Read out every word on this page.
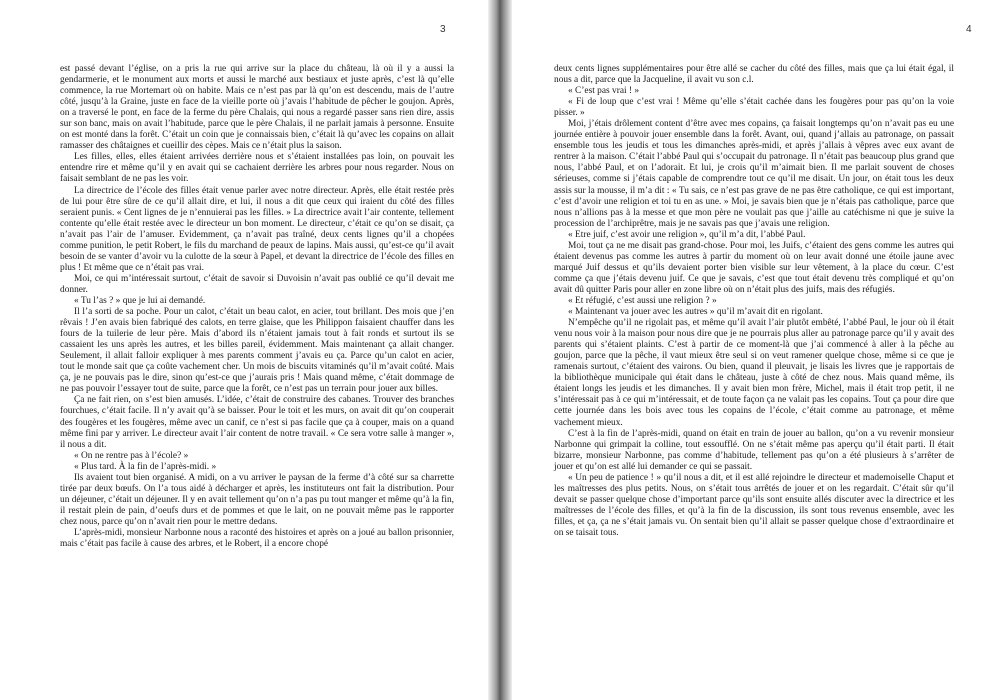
3

est passé devant l’église, on a pris la rue qui arrive sur la place du château, là où il y a aussi la gendarmerie, et le monument aux morts et aussi le marché aux bestiaux et juste après, c’est là qu’elle commence, la rue Mortemart où on habite. Mais ce n’est pas par là qu’on est descendu, mais de l’autre côté, jusqu’à la Graine, juste en face de la vieille porte où j’avais l’habitude de pêcher le goujon. Après, on a traversé le pont, en face de la ferme du père Chalais, qui nous a regardé passer sans rien dire, assis sur son banc, mais on avait l’habitude, parce que le père Chalais, il ne parlait jamais à personne. Ensuite on est monté dans la forêt. C’était un coin que je connaissais bien, c’était là qu’avec les copains on allait ramasser des châtaignes et cueillir des cèpes. Mais ce n’était plus la saison.

Les filles, elles, elles étaient arrivées derrière nous et s’étaient installées pas loin, on pouvait les entendre rire et même qu’il y en avait qui se cachaient derrière les arbres pour nous regarder. Nous on faisait semblant de ne pas les voir.

La directrice de l’école des filles était venue parler avec notre directeur. Après, elle était restée près de lui pour être sûre de ce qu’il allait dire, et lui, il nous a dit que ceux qui iraient du côté des filles seraient punis. « Cent lignes de je n’ennuierai pas les filles. » La directrice avait l’air contente, tellement contente qu’elle était restée avec le directeur un bon moment. Le directeur, c’était ce qu’on se disait, ça n’avait pas l’air de l’amuser. Evidemment, ça n’avait pas traîné, deux cents lignes qu’il a chopées comme punition, le petit Robert, le fils du marchand de peaux de lapins. Mais aussi, qu’est-ce qu’il avait besoin de se vanter d’avoir vu la culotte de la sœur à Papel, et devant la directrice de l’école des filles en plus ! Et même que ce n’était pas vrai.

Moi, ce qui m’intéressait surtout, c’était de savoir si Duvoisin n’avait pas oublié ce qu’il devait me donner.

« Tu l’as ? » que je lui ai demandé.

Il l’a sorti de sa poche. Pour un calot, c’était un beau calot, en acier, tout brillant. Des mois que j’en rêvais ! J’en avais bien fabriqué des calots, en terre glaise, que les Philippon faisaient chauffer dans les fours de la tuilerie de leur père. Mais d’abord ils n’étaient jamais tout à fait ronds et surtout ils se cassaient les uns après les autres, et les billes pareil, évidemment. Mais maintenant ça allait changer. Seulement, il allait falloir expliquer à mes parents comment j’avais eu ça. Parce qu’un calot en acier, tout le monde sait que ça coûte vachement cher. Un mois de biscuits vitaminés qu’il m’avait coûté. Mais ça, je ne pouvais pas le dire, sinon qu’est-ce que j’aurais pris ! Mais quand même, c’était dommage de ne pas pouvoir l’essayer tout de suite, parce que la forêt, ce n’est pas un terrain pour jouer aux billes.

Ça ne fait rien, on s’est bien amusés. L’idée, c’était de construire des cabanes. Trouver des branches fourchues, c’était facile. Il n’y avait qu’à se baisser. Pour le toit et les murs, on avait dit qu’on couperait des fougères et les fougères, même avec un canif, ce n’est si pas facile que ça à couper, mais on a quand même fini par y arriver. Le directeur avait l’air content de notre travail. « Ce sera votre salle à manger », il nous a dit.

« On ne rentre pas à l’école? »

« Plus tard. À la fin de l’après-midi. »

Ils avaient tout bien organisé. A midi, on a vu arriver le paysan de la ferme d’à côté sur sa charrette tirée par deux bœufs. On l’a tous aidé à décharger et après, les instituteurs ont fait la distribution. Pour un déjeuner, c’était un déjeuner. Il y en avait tellement qu’on n’a pas pu tout manger et même qu’à la fin, il restait plein de pain, d’oeufs durs et de pommes et que le lait, on ne pouvait même pas le rapporter chez nous, parce qu’on n’avait rien pour le mettre dedans.

L’après-midi, monsieur Narbonne nous a raconté des histoires et après on a joué au ballon prisonnier, mais c’était pas facile à cause des arbres, et le Robert, il a encore chopé

4

deux cents lignes supplémentaires pour être allé se cacher du côté des filles, mais que ça lui était égal, il nous a dit, parce que la Jacqueline, il avait vu son c.l.

« C’est pas vrai ! »

« Fi de loup que c’est vrai ! Même qu’elle s’était cachée dans les fougères pour pas qu’on la voie pisser. »

Moi, j’étais drôlement content d’être avec mes copains, ça faisait longtemps qu’on n’avait pas eu une journée entière à pouvoir jouer ensemble dans la forêt. Avant, oui, quand j’allais au patronage, on passait ensemble tous les jeudis et tous les dimanches après-midi, et après j’allais à vêpres avec eux avant de rentrer à la maison. C’était l’abbé Paul qui s’occupait du patronage. Il n’était pas beaucoup plus grand que nous, l’abbé Paul, et on l’adorait. Et lui, je crois qu’il m’aimait bien. Il me parlait souvent de choses sérieuses, comme si j’étais capable de comprendre tout ce qu’il me disait. Un jour, on était tous les deux assis sur la mousse, il m’a dit : « Tu sais, ce n’est pas grave de ne pas être catholique, ce qui est important, c’est d’avoir une religion et toi tu en as une. » Moi, je savais bien que je n’étais pas catholique, parce que nous n’allions pas à la messe et que mon père ne voulait pas que j’aille au catéchisme ni que je suive la procession de l’archiprêtre, mais je ne savais pas que j’avais une religion.

« Etre juif, c’est avoir une religion », qu’il m’a dit, l’abbé Paul.

Moi, tout ça ne me disait pas grand-chose. Pour moi, les Juifs, c’étaient des gens comme les autres qui étaient devenus pas comme les autres à partir du moment où on leur avait donné une étoile jaune avec marqué Juif dessus et qu’ils devaient porter bien visible sur leur vêtement, à la place du cœur. C’est comme ça que j’étais devenu juif. Ce que je savais, c’est que tout était devenu très compliqué et qu’on avait dû quitter Paris pour aller en zone libre où on n’était plus des juifs, mais des réfugiés.

« Et réfugié, c’est aussi une religion ? »

« Maintenant va jouer avec les autres » qu’il m’avait dit en rigolant.

N’empêche qu’il ne rigolait pas, et même qu’il avait l’air plutôt embêté, l’abbé Paul, le jour où il était venu nous voir à la maison pour nous dire que je ne pourrais plus aller au patronage parce qu’il y avait des parents qui s’étaient plaints. C’est à partir de ce moment-là que j’ai commencé à aller à la pêche au goujon, parce que la pêche, il vaut mieux être seul si on veut ramener quelque chose, même si ce que je ramenais surtout, c’étaient des vairons. Ou bien, quand il pleuvait, je lisais les livres que je rapportais de la bibliothèque municipale qui était dans le château, juste à côté de chez nous. Mais quand même, ils étaient longs les jeudis et les dimanches. Il y avait bien mon frère, Michel, mais il était trop petit, il ne s’intéressait pas à ce qui m’intéressait, et de toute façon ça ne valait pas les copains. Tout ça pour dire que cette journée dans les bois avec tous les copains de l’école, c’était comme au patronage, et même vachement mieux.

C’est à la fin de l’après-midi, quand on était en train de jouer au ballon, qu’on a vu revenir monsieur Narbonne qui grimpait la colline, tout essoufflé. On ne s’était même pas aperçu qu’il était parti. Il était bizarre, monsieur Narbonne, pas comme d’habitude, tellement pas qu’on a été plusieurs à s’arrêter de jouer et qu’on est allé lui demander ce qui se passait.

« Un peu de patience ! » qu’il nous a dit, et il est allé rejoindre le directeur et mademoiselle Chaput et les maîtresses des plus petits. Nous, on s’était tous arrêtés de jouer et on les regardait. C’était sûr qu’il devait se passer quelque chose d’important parce qu’ils sont ensuite allés discuter avec la directrice et les maîtresses de l’école des filles, et qu’à la fin de la discussion, ils sont tous revenus ensemble, avec les filles, et ça, ça ne s’était jamais vu. On sentait bien qu’il allait se passer quelque chose d’extraordinaire et on se taisait tous.
